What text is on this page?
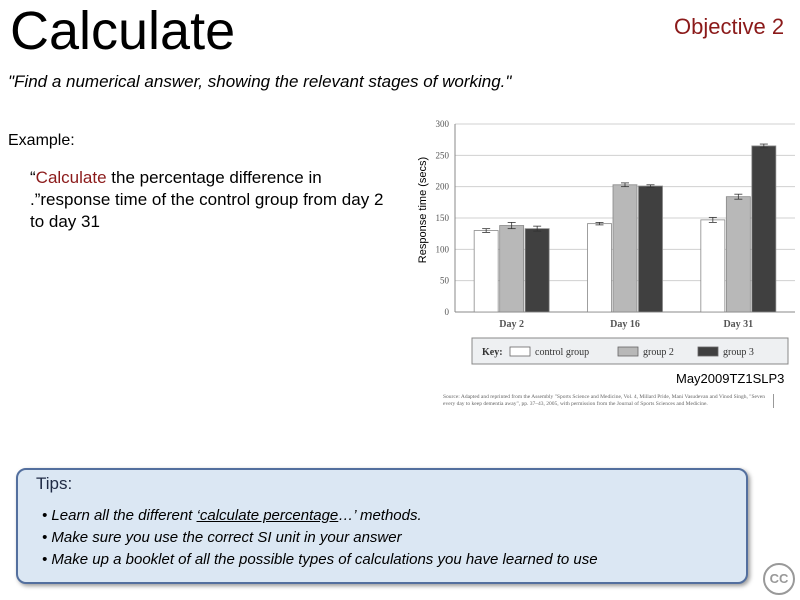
Calculate	Objective 2
"Find a numerical answer, showing the relevant stages of working."
Example:
“Calculate the percentage difference in .”response time of the control group from day 2 to day 31	Response time (secs)
0
50
100
150
200
250
300
Day 2	Day 16	Day 31
Key:	control group	group 2	group 3
May2009TZ1SLP3
Source: Adapted and reprinted from the Assembly "Sports Science and Medicine, Vol. 4, Millard Pride, Mani Vasudevan and Vinod Singh, "Seven every day to keep dementia away", pp. 37–43, 2005, with permission from the Journal of Sports Sciences and Medicine.
Tips:
• Learn all the different ‘calculate percentage…’ methods.
• Make sure you use the correct SI unit in your answer
• Make up a booklet of all the possible types of calculations you have learned to use
CC
